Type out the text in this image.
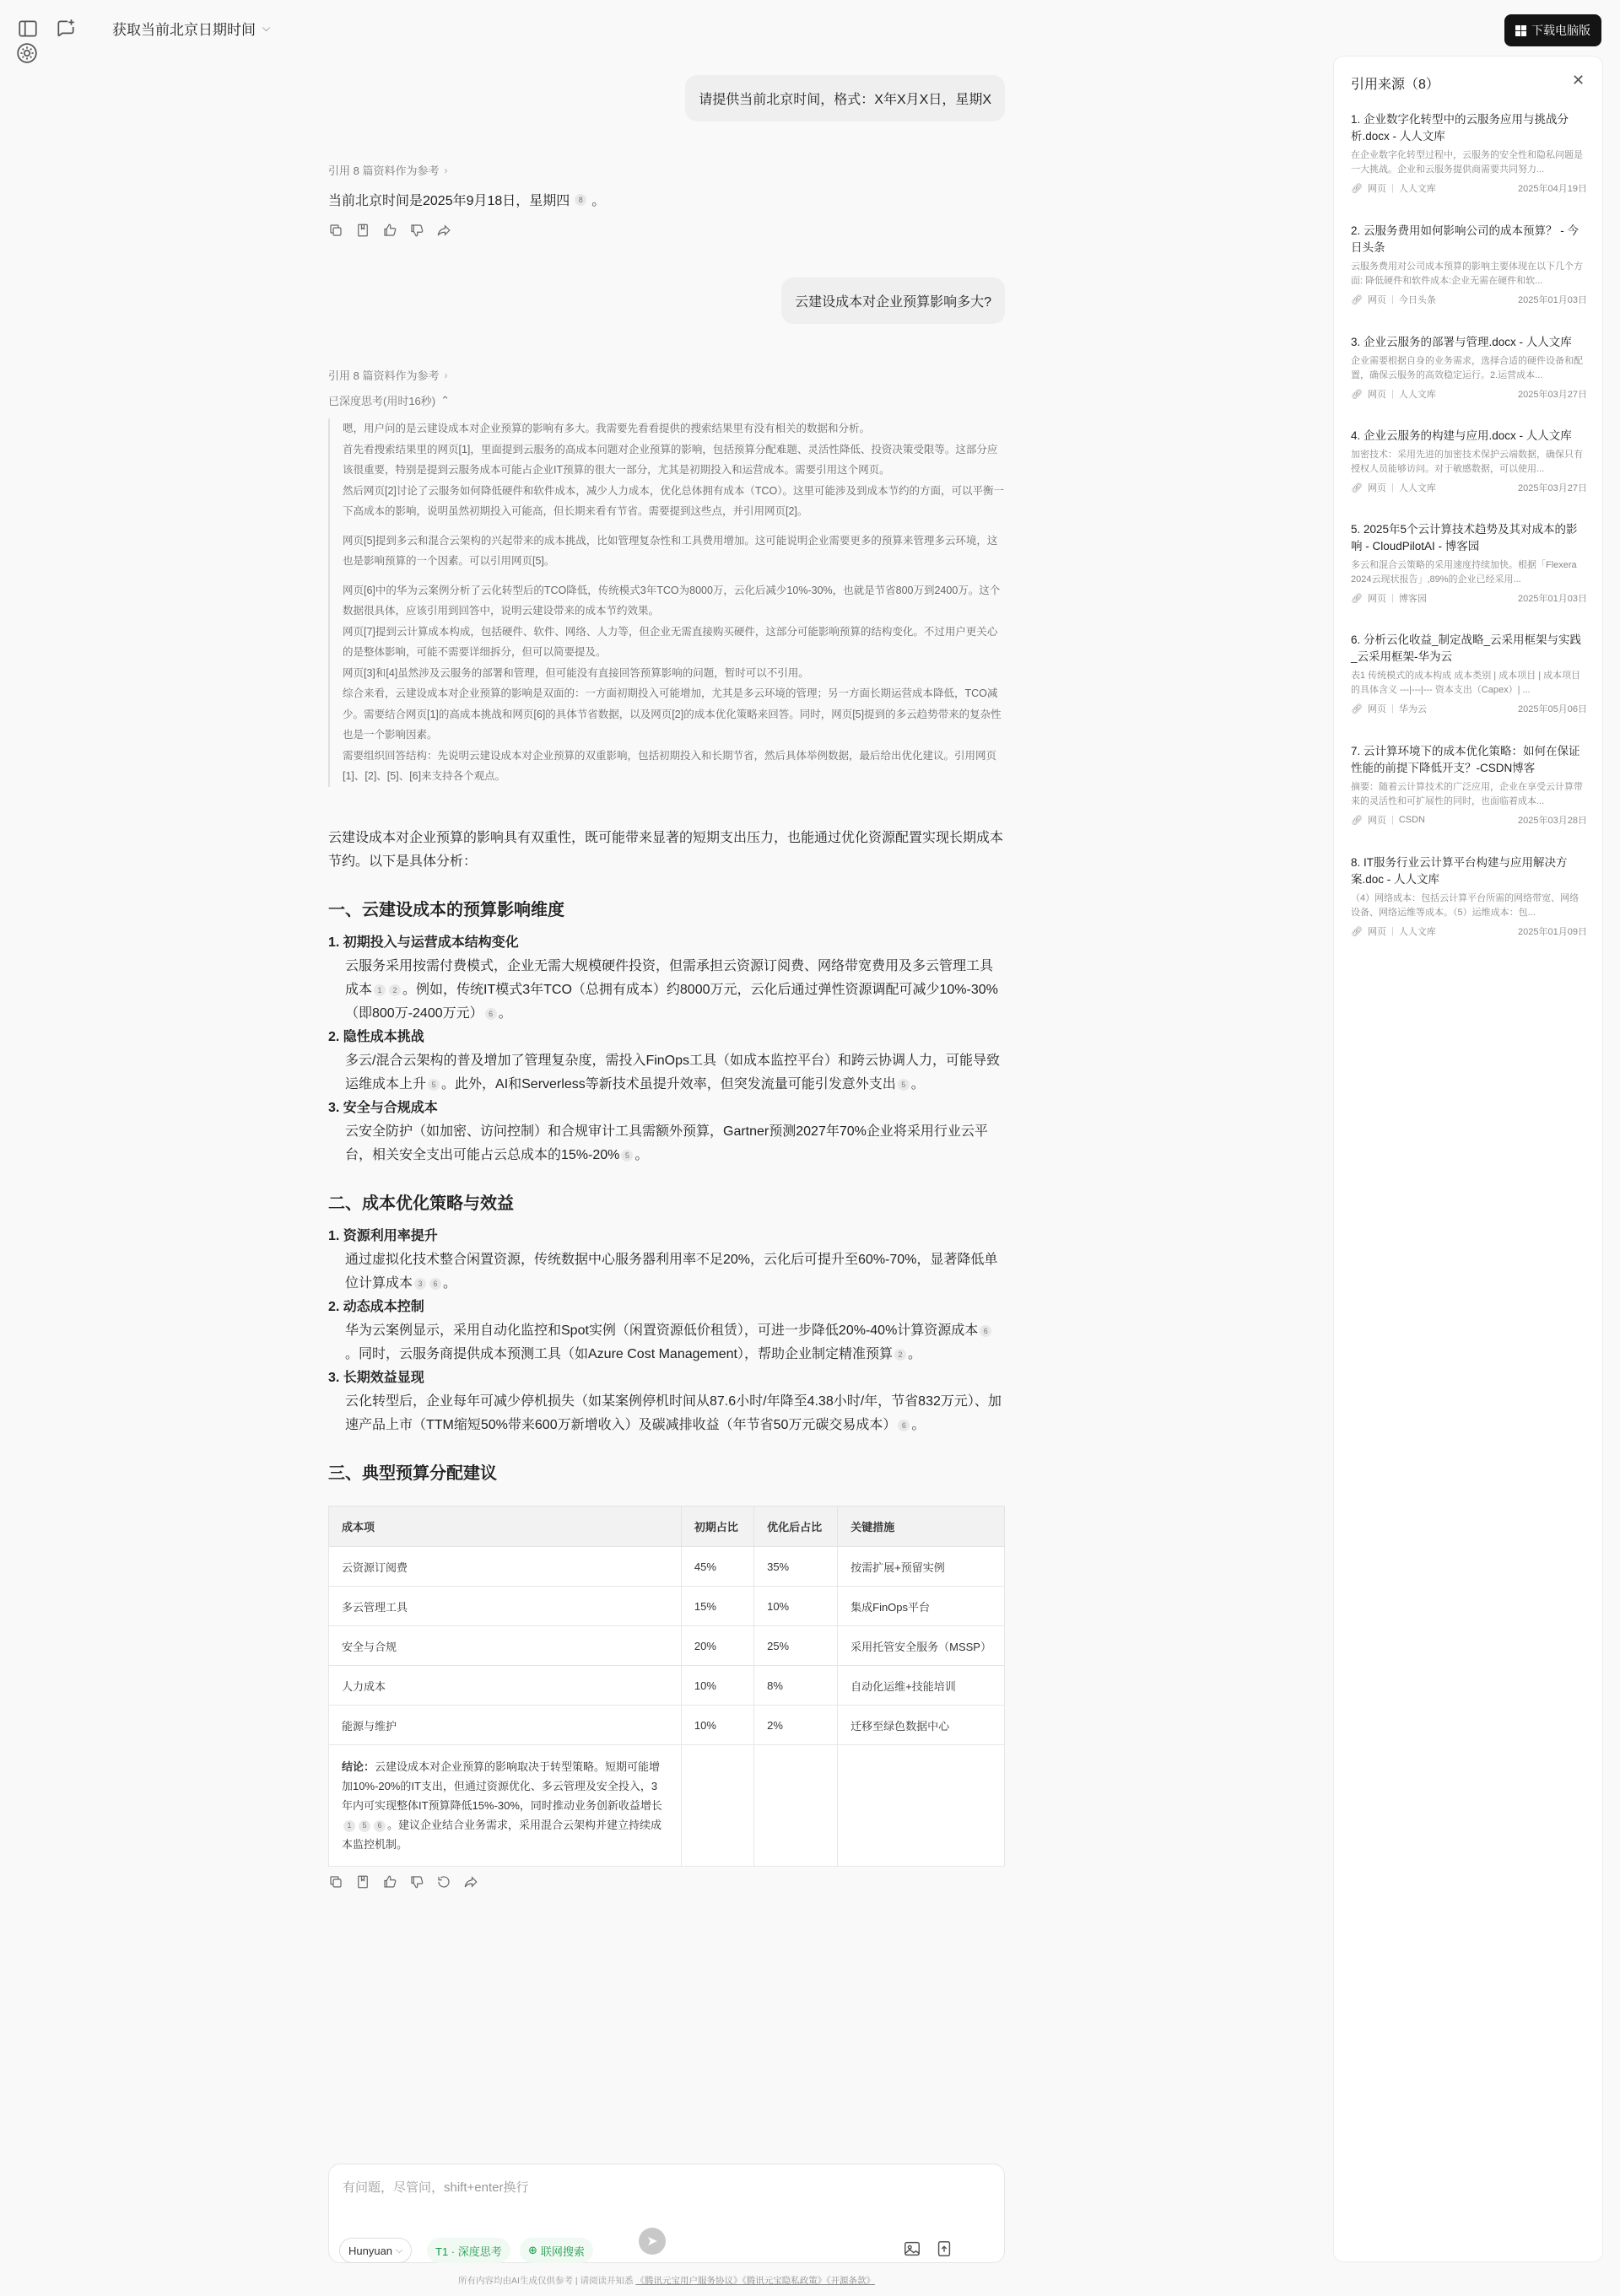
获取当前北京日期时间 ⌵	下载电脑版
请提供当前北京时间，格式：X年X月X日，星期X
引用 8 篇资料作为参考 ›
当前北京时间是2025年9月18日，星期四	8 。
云建设成本对企业预算影响多大?
引用 8 篇资料作为参考 ›
已深度思考(用时16秒) ⌃

嗯，用户问的是云建设成本对企业预算的影响有多大。我需要先看看提供的搜索结果里有没有相关的数据和分析。

首先看搜索结果里的网页[1]，里面提到云服务的高成本问题对企业预算的影响，包括预算分配难题、灵活性降低、投资决策受限等。这部分应该很重要，特别是提到云服务成本可能占企业IT预算的很大一部分，尤其是初期投入和运营成本。需要引用这个网页。

然后网页[2]讨论了云服务如何降低硬件和软件成本，减少人力成本，优化总体拥有成本（TCO）。这里可能涉及到成本节约的方面，可以平衡一下高成本的影响，说明虽然初期投入可能高，但长期来看有节省。需要提到这些点，并引用网页[2]。

网页[5]提到多云和混合云架构的兴起带来的成本挑战，比如管理复杂性和工具费用增加。这可能说明企业需要更多的预算来管理多云环境，这也是影响预算的一个因素。可以引用网页[5]。

网页[6]中的华为云案例分析了云化转型后的TCO降低，传统模式3年TCO为8000万，云化后减少10%-30%，也就是节省800万到2400万。这个数据很具体，应该引用到回答中，说明云建设带来的成本节约效果。

网页[7]提到云计算成本构成，包括硬件、软件、网络、人力等，但企业无需直接购买硬件，这部分可能影响预算的结构变化。不过用户更关心的是整体影响，可能不需要详细拆分，但可以简要提及。

网页[3]和[4]虽然涉及云服务的部署和管理，但可能没有直接回答预算影响的问题，暂时可以不引用。

综合来看，云建设成本对企业预算的影响是双面的：一方面初期投入可能增加，尤其是多云环境的管理；另一方面长期运营成本降低，TCO减少。需要结合网页[1]的高成本挑战和网页[6]的具体节省数据，以及网页[2]的成本优化策略来回答。同时，网页[5]提到的多云趋势带来的复杂性也是一个影响因素。

需要组织回答结构：先说明云建设成本对企业预算的双重影响，包括初期投入和长期节省，然后具体举例数据，最后给出优化建议。引用网页[1]、[2]、[5]、[6]来支持各个观点。

云建设成本对企业预算的影响具有双重性，既可能带来显著的短期支出压力，也能通过优化资源配置实现长期成本节约。以下是具体分析：

一、云建设成本的预算影响维度
1. 初期投入与运营成本结构变化
云服务采用按需付费模式，企业无需大规模硬件投资，但需承担云资源订阅费、网络带宽费用及多云管理工具成本 1 2 。例如，传统IT模式3年TCO（总拥有成本）约8000万元，云化后通过弹性资源调配可减少10%-30%（即800万-2400万元） 6 。
2. 隐性成本挑战
多云/混合云架构的普及增加了管理复杂度，需投入FinOps工具（如成本监控平台）和跨云协调人力，可能导致运维成本上升 5 。此外，AI和Serverless等新技术虽提升效率，但突发流量可能引发意外支出 5 。
3. 安全与合规成本
云安全防护（如加密、访问控制）和合规审计工具需额外预算，Gartner预测2027年70%企业将采用行业云平台，相关安全支出可能占云总成本的15%-20% 5 。
二、成本优化策略与效益
1. 资源利用率提升
通过虚拟化技术整合闲置资源，传统数据中心服务器利用率不足20%，云化后可提升至60%-70%，显著降低单位计算成本 3 6 。
2. 动态成本控制
华为云案例显示，采用自动化监控和Spot实例（闲置资源低价租赁），可进一步降低20%-40%计算资源成本 6。同时，云服务商提供成本预测工具（如Azure Cost Management），帮助企业制定精准预算 2 。
3. 长期效益显现
云化转型后，企业每年可减少停机损失（如某案例停机时间从87.6小时/年降至4.38小时/年，节省832万元）、加速产品上市（TTM缩短50%带来600万新增收入）及碳减排收益（年节省50万元碳交易成本） 6 。
三、典型预算分配建议
成本项	初期占比	优化后占比	关键措施
云资源订阅费	45%	35%	按需扩展+预留实例
多云管理工具	15%	10%	集成FinOps平台
安全与合规	20%	25%	采用托管安全服务（MSSP）
人力成本	10%	8%	自动化运维+技能培训
能源与维护	10%	2%	迁移至绿色数据中心
结论：云建设成本对企业预算的影响取决于转型策略。短期可能增加10%-20%的IT支出，但通过资源优化、多云管理及安全投入，3年内可实现整体IT预算降低15%-30%，同时推动业务创新收益增长1 5 6 。建议企业结合业务需求，采用混合云架构并建立持续成本监控机制。			
有问题，尽管问，shift+enter换行
Hunyuan ⌵	T1 · 深度思考 ⊕ 联网搜索
➤
所有内容均由AI生成仅供参考 | 请阅读并知悉 《腾讯元宝用户服务协议》《腾讯元宝隐私政策》《开源条款》
引用来源（8）	✕
1. 企业数字化转型中的云服务应用与挑战分析.docx - 人人文库
在企业数字化转型过程中，云服务的安全性和隐私问题是一大挑战。企业和云服务提供商需要共同努力...
🔗︎ 网页 | 人人文库	2025年04月19日
2. 云服务费用如何影响公司的成本预算？ - 今日头条
云服务费用对公司成本预算的影响主要体现在以下几个方面: 降低硬件和软件成本:企业无需在硬件和软...
🔗︎ 网页 | 今日头条	2025年01月03日
3. 企业云服务的部署与管理.docx - 人人文库
企业需要根据自身的业务需求，选择合适的硬件设备和配置，确保云服务的高效稳定运行。2.运营成本...
🔗︎ 网页 | 人人文库	2025年03月27日
4. 企业云服务的构建与应用.docx - 人人文库
加密技术：采用先进的加密技术保护云端数据，确保只有授权人员能够访问。对于敏感数据，可以使用...
🔗︎ 网页 | 人人文库	2025年03月27日
5. 2025年5个云计算技术趋势及其对成本的影响 - CloudPilotAI - 博客园
多云和混合云策略的采用速度持续加快。根据「Flexera 2024云现状报告」,89%的企业已经采用...
🔗︎ 网页 | 博客园	2025年01月03日
6. 分析云化收益_制定战略_云采用框架与实践_云采用框架-华为云
表1 传统模式的成本构成 成本类别 | 成本项目 | 成本项目的具体含义 ---|---|--- 资本支出（Capex）| ...
🔗︎ 网页 | 华为云	2025年05月06日
7. 云计算环境下的成本优化策略：如何在保证性能的前提下降低开支？-CSDN博客
摘要：随着云计算技术的广泛应用，企业在享受云计算带来的灵活性和可扩展性的同时，也面临着成本...
🔗︎ 网页 | CSDN	2025年03月28日
8. IT服务行业云计算平台构建与应用解决方案.doc - 人人文库
（4）网络成本：包括云计算平台所需的网络带宽、网络设备、网络运维等成本。（5）运维成本：包...
🔗︎ 网页 | 人人文库	2025年01月09日
